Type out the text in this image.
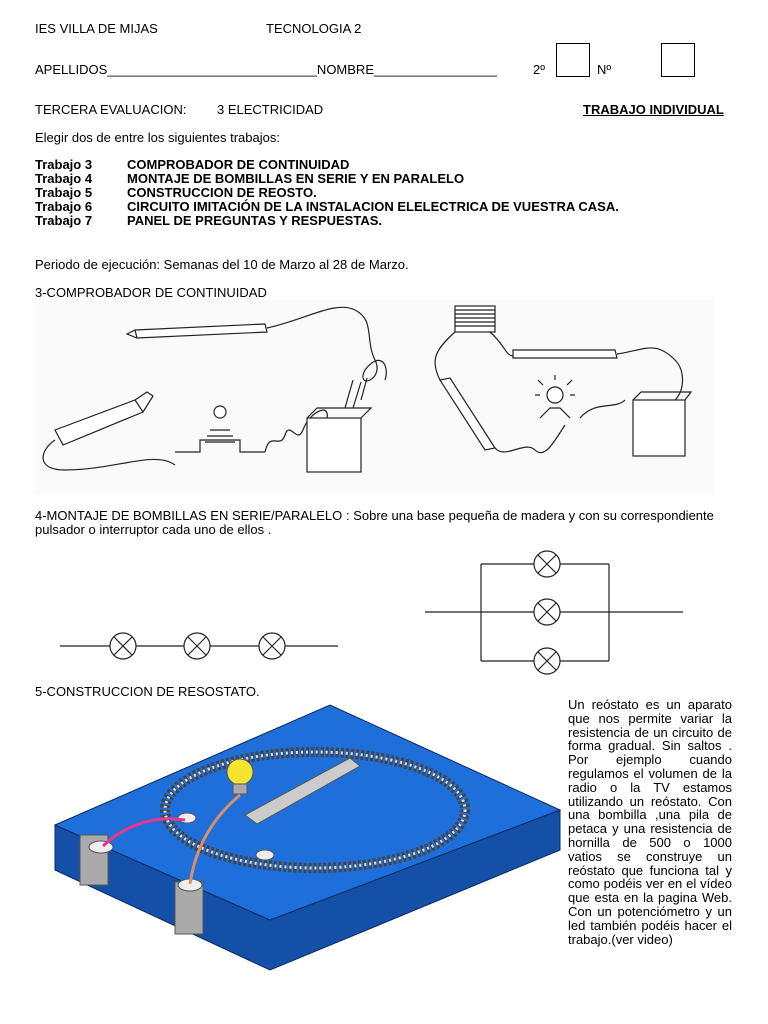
IES VILLA DE MIJAS	TECNOLOGIA 2
APELLIDOS_____________________________NOMBRE_________________	2º	Nº
TERCERA EVALUACION: 3 ELECTRICIDAD	TRABAJO INDIVIDUAL
Elegir dos de entre los siguientes trabajos:
Trabajo 3	COMPROBADOR DE CONTINUIDAD
Trabajo 4	MONTAJE DE BOMBILLAS EN SERIE Y EN PARALELO
Trabajo 5	CONSTRUCCION DE REOSTO.
Trabajo 6	CIRCUITO IMITACIÓN DE LA INSTALACION ELELECTRICA DE VUESTRA CASA.
Trabajo 7	PANEL DE PREGUNTAS Y RESPUESTAS.
Periodo de ejecución: Semanas del 10 de Marzo al 28 de Marzo.
3-COMPROBADOR DE CONTINUIDAD
4-MONTAJE DE BOMBILLAS EN SERIE/PARALELO : Sobre una base pequeña de madera y con su correspondiente
pulsador o interruptor cada uno de ellos .
5-CONSTRUCCION DE RESOSTATO.
Un reóstato es un aparato que nos permite variar la resistencia de un circuito de forma gradual. Sin saltos . Por ejemplo cuando regulamos el volumen de la radio o la TV estamos utilizando un reóstato. Con una bombilla ,una pila de petaca y una resistencia de hornilla de 500 o 1000 vatios se construye un reóstato que funciona tal y como podéis ver en el vídeo que esta en la pagina Web. Con un potenciómetro y un led también podéis hacer el trabajo.(ver video)
